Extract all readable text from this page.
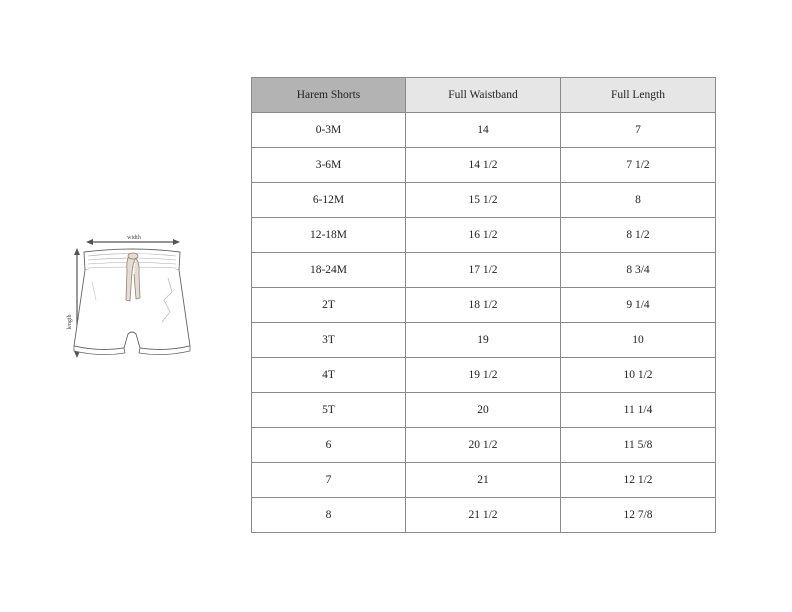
width
length
Harem Shorts	Full Waistband	Full Length
0-3M	14	7
3-6M	14 1/2	7 1/2
6-12M	15 1/2	8
12-18M	16 1/2	8 1/2
18-24M	17 1/2	8 3/4
2T	18 1/2	9 1/4
3T	19	10
4T	19 1/2	10 1/2
5T	20	11 1/4
6	20 1/2	11 5/8
7	21	12 1/2
8	21 1/2	12 7/8
